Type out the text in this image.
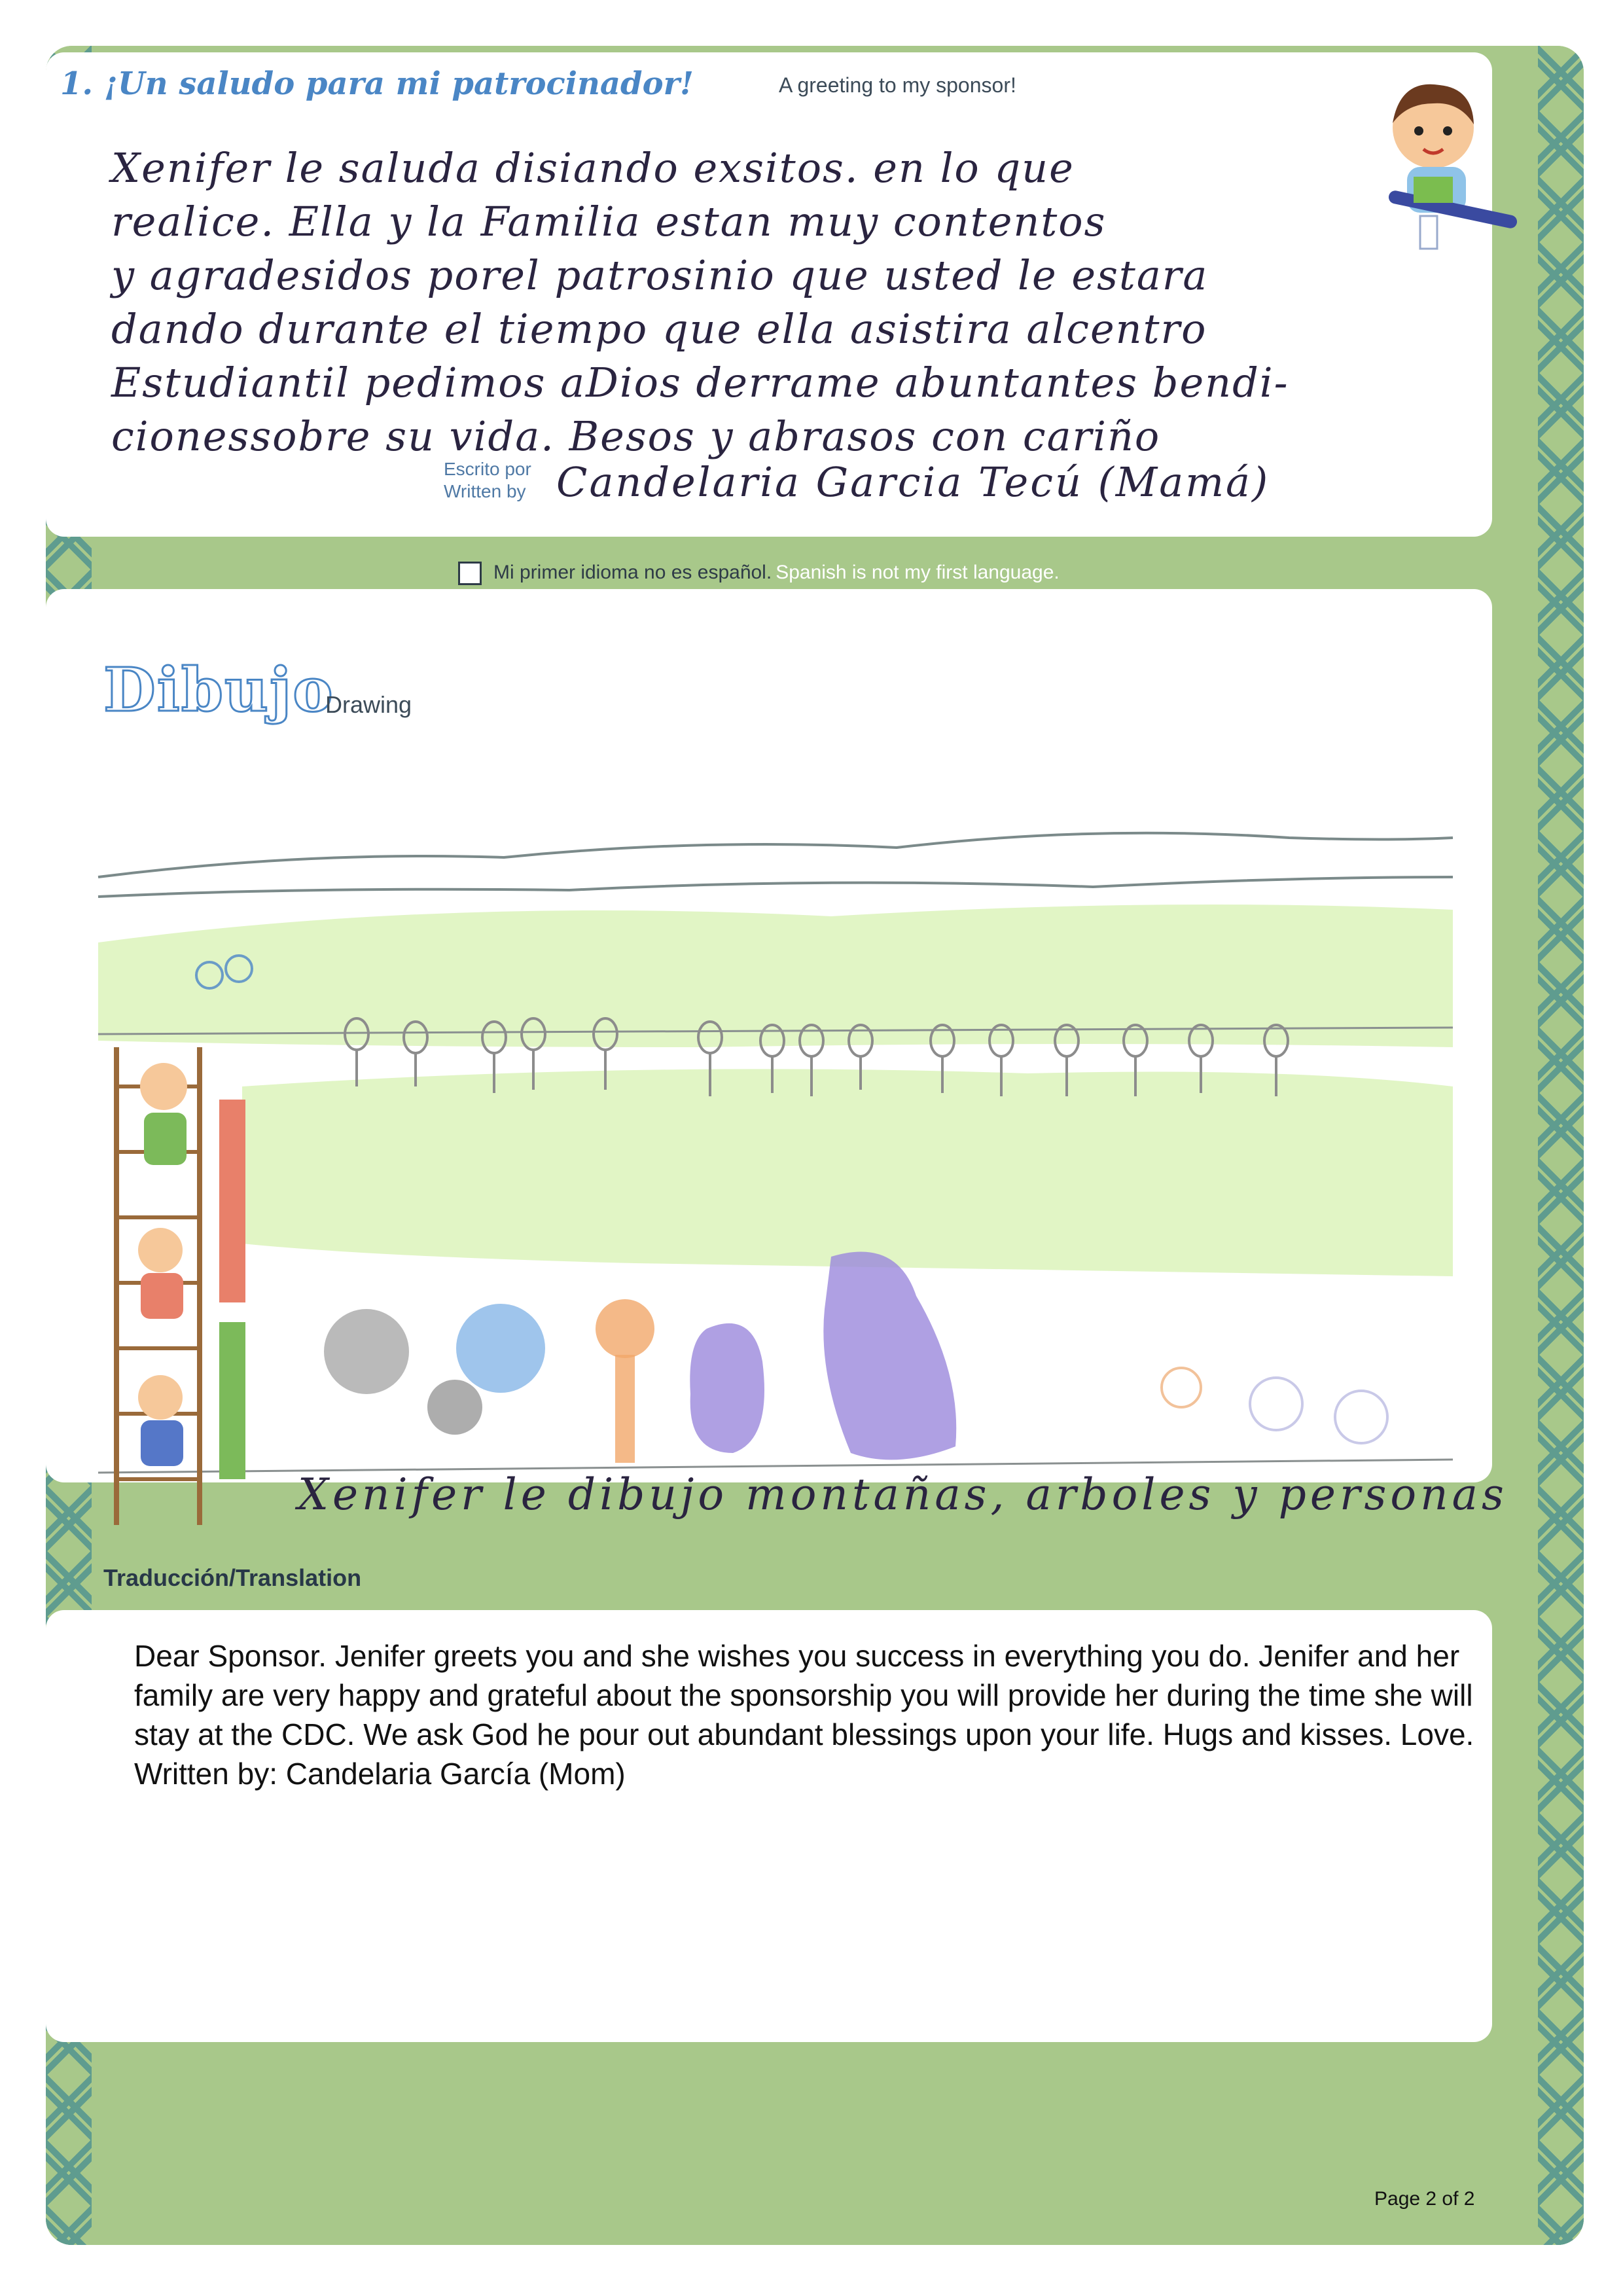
1. ¡Un saludo para mi patrocinador!	A greeting to my sponsor!
Xenifer le saluda disiando exsitos. en lo que
realice. Ella y la Familia estan muy contentos
y agradesidos porel patrosinio que usted le estara
dando durante el tiempo que ella asistira alcentro
Estudiantil pedimos aDios derrame abuntantes bendi-
cionessobre su vida. Besos y abrasos con cariño
Escrito por
Written by Candelaria Garcia Tecú (Mamá)
Mi primer idioma no es español. Spanish is not my first language.
Dibujo
Drawing
Xenifer le dibujo montañas, arboles y personas
Traducción/Translation
Dear Sponsor. Jenifer greets you and she wishes you success in everything you do. Jenifer and her family are very happy and grateful about the sponsorship you will provide her during the time she will stay at the CDC. We ask God he pour out abundant blessings upon your life. Hugs and kisses. Love. Written by: Candelaria García (Mom)
Page 2 of 2
